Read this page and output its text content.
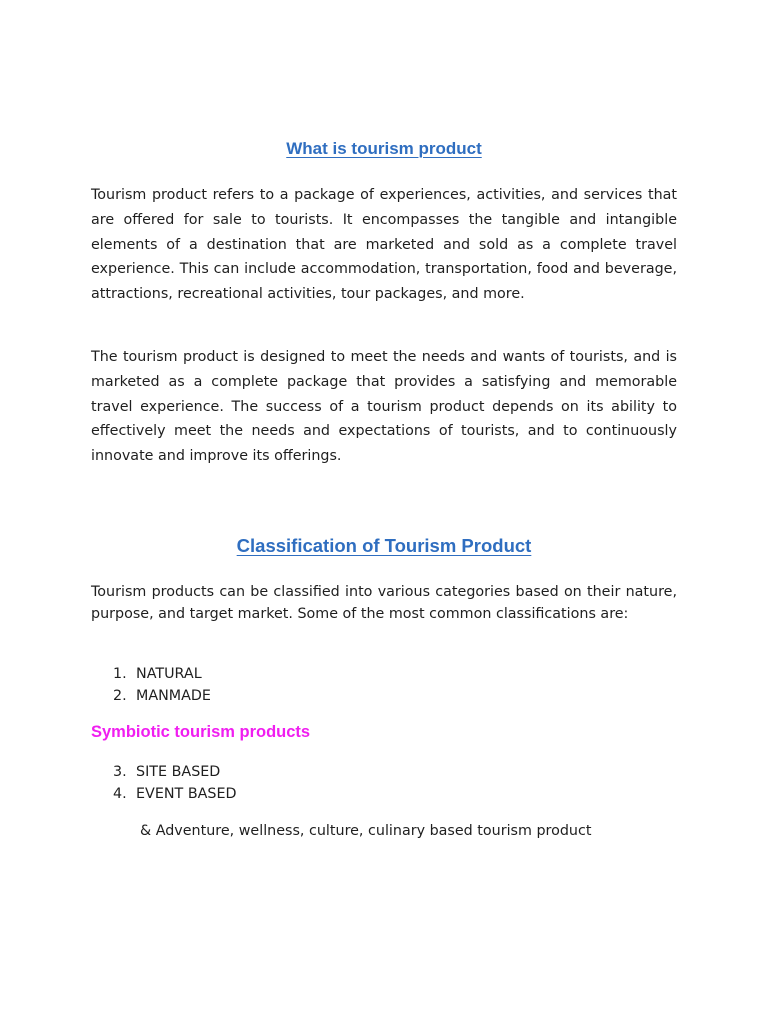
What is tourism product

Tourism product refers to a package of experiences, activities, and services that are offered for sale to tourists. It encompasses the tangible and intangible elements of a destination that are marketed and sold as a complete travel experience. This can include accommodation, transportation, food and beverage, attractions, recreational activities, tour packages, and more.

The tourism product is designed to meet the needs and wants of tourists, and is marketed as a complete package that provides a satisfying and memorable travel experience. The success of a tourism product depends on its ability to effectively meet the needs and expectations of tourists, and to continuously innovate and improve its offerings.

Classification of Tourism Product

Tourism products can be classified into various categories based on their nature, purpose, and target market. Some of the most common classifications are:

1. NATURAL
2. MANMADE
Symbiotic tourism products
3. SITE BASED
4. EVENT BASED

& Adventure, wellness, culture, culinary based tourism product
